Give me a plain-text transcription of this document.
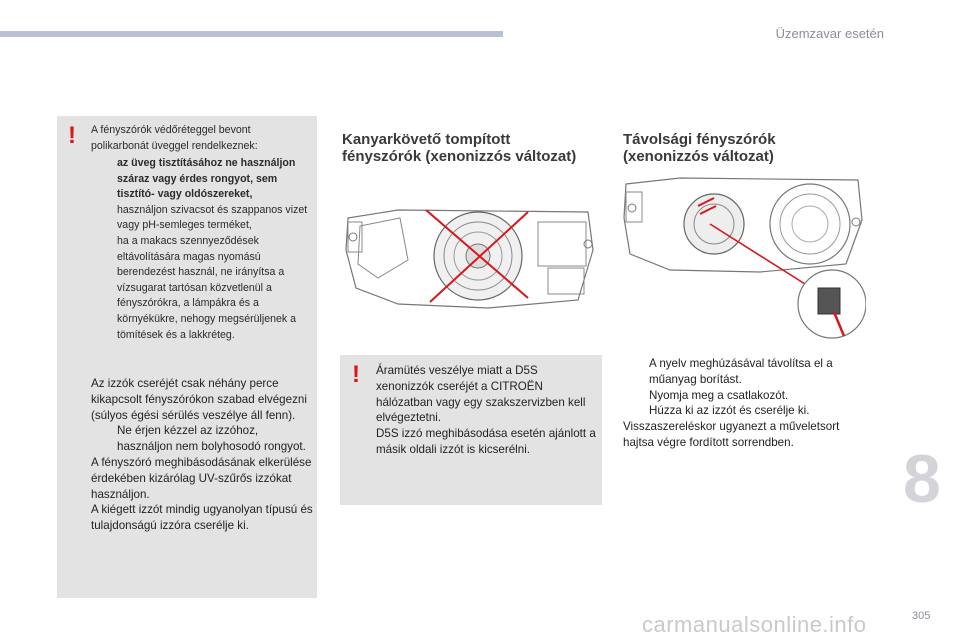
Üzemzavar esetén
! A fényszórók védőréteggel bevont polikarbonát üveggel rendelkeznek:
az üveg tisztításához ne használjon száraz vagy érdes rongyot, sem tisztító- vagy oldószereket,
használjon szivacsot és szappanos vizet vagy pH-semleges terméket,
ha a makacs szennyeződések eltávolítására magas nyomású berendezést használ, ne irányítsa a vízsugarat tartósan közvetlenül a fényszórókra, a lámpákra és a környékükre, nehogy megsérüljenek a tömítések és a lakkréteg.
Az izzók cseréjét csak néhány perce kikapcsolt fényszórókon szabad elvégezni (súlyos égési sérülés veszélye áll fenn).
Ne érjen kézzel az izzóhoz, használjon nem bolyhosodó rongyot.
A fényszóró meghibásodásának elkerülése érdekében kizárólag UV-szűrős izzókat használjon.
A kiégett izzót mindig ugyanolyan típusú és tulajdonságú izzóra cserélje ki.
Kanyarkövető tompított
fényszórók (xenonizzós változat)
! Áramütés veszélye miatt a D5S xenonizzók cseréjét a CITROËN hálózatban vagy egy szakszervizben kell elvégeztetni.
D5S izzó meghibásodása esetén ajánlott a másik oldali izzót is kicserélni.
Távolsági fényszórók
(xenonizzós változat)
A nyelv meghúzásával távolítsa el a műanyag borítást.
Nyomja meg a csatlakozót.
Húzza ki az izzót és cserélje ki.
Visszaszereléskor ugyanezt a műveletsort hajtsa végre fordított sorrendben.	8
305
carmanualsonline.info
